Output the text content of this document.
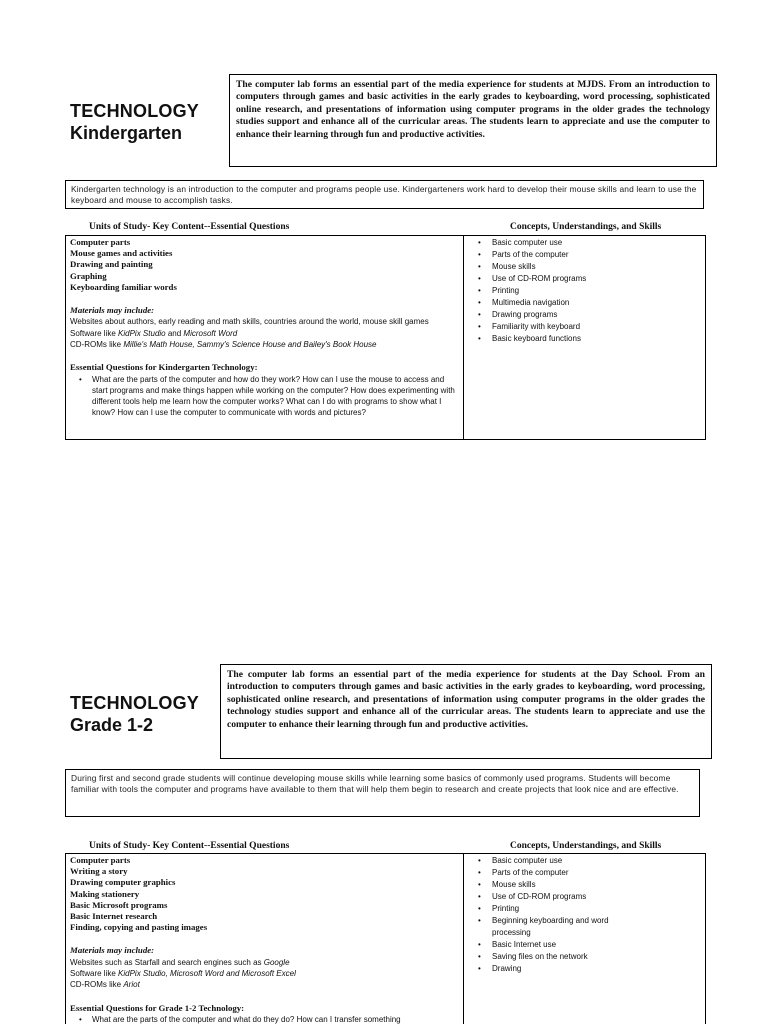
TECHNOLOGY
Kindergarten
The computer lab forms an essential part of the media experience for students at MJDS. From an introduction to computers through games and basic activities in the early grades to keyboarding, word processing, sophisticated online research, and presentations of information using computer programs in the older grades the technology studies support and enhance all of the curricular areas. The students learn to appreciate and use the computer to enhance their learning through fun and productive activities.
Kindergarten technology is an introduction to the computer and programs people use. Kindergarteners work hard to develop their mouse skills and learn to use the keyboard and mouse to accomplish tasks.
Units of Study- Key Content--Essential Questions	Concepts, Understandings, and Skills
Computer parts
Mouse games and activities
Drawing and painting
Graphing
Keyboarding familiar words
Materials may include:
Websites about authors, early reading and math skills, countries around the world, mouse skill games
Software like KidPix Studio and Microsoft Word
CD-ROMs like Millie's Math House, Sammy's Science House and Bailey's Book House
Essential Questions for Kindergarten Technology:
• What are the parts of the computer and how do they work? How can I use the mouse to access and start programs and make things happen while working on the computer? How does experimenting with different tools help me learn how the computer works? What can I do with programs to show what I know? How can I use the computer to communicate with words and pictures?
• Basic computer use
• Parts of the computer
• Mouse skills
• Use of CD-ROM programs
• Printing
• Multimedia navigation
• Drawing programs
• Familiarity with keyboard
• Basic keyboard functions
TECHNOLOGY
Grade 1-2
The computer lab forms an essential part of the media experience for students at the Day School. From an introduction to computers through games and basic activities in the early grades to keyboarding, word processing, sophisticated online research, and presentations of information using computer programs in the older grades the technology studies support and enhance all of the curricular areas. The students learn to appreciate and use the computer to enhance their learning through fun and productive activities.
During first and second grade students will continue developing mouse skills while learning some basics of commonly used programs. Students will become familiar with tools the computer and programs have available to them that will help them begin to research and create projects that look nice and are effective.
Units of Study- Key Content--Essential Questions	Concepts, Understandings, and Skills
Computer parts
Writing a story
Drawing computer graphics
Making stationery
Basic Microsoft programs
Basic Internet research
Finding, copying and pasting images
Materials may include:
Websites such as Starfall and search engines such as Google
Software like KidPix Studio, Microsoft Word and Microsoft Excel
CD-ROMs like Ariot
Essential Questions for Grade 1-2 Technology:
• What are the parts of the computer and what do they do? How can I transfer something
• Basic computer use
• Parts of the computer
• Mouse skills
• Use of CD-ROM programs
• Printing
• Beginning keyboarding and word processing
• Basic Internet use
• Saving files on the network
• Drawing
